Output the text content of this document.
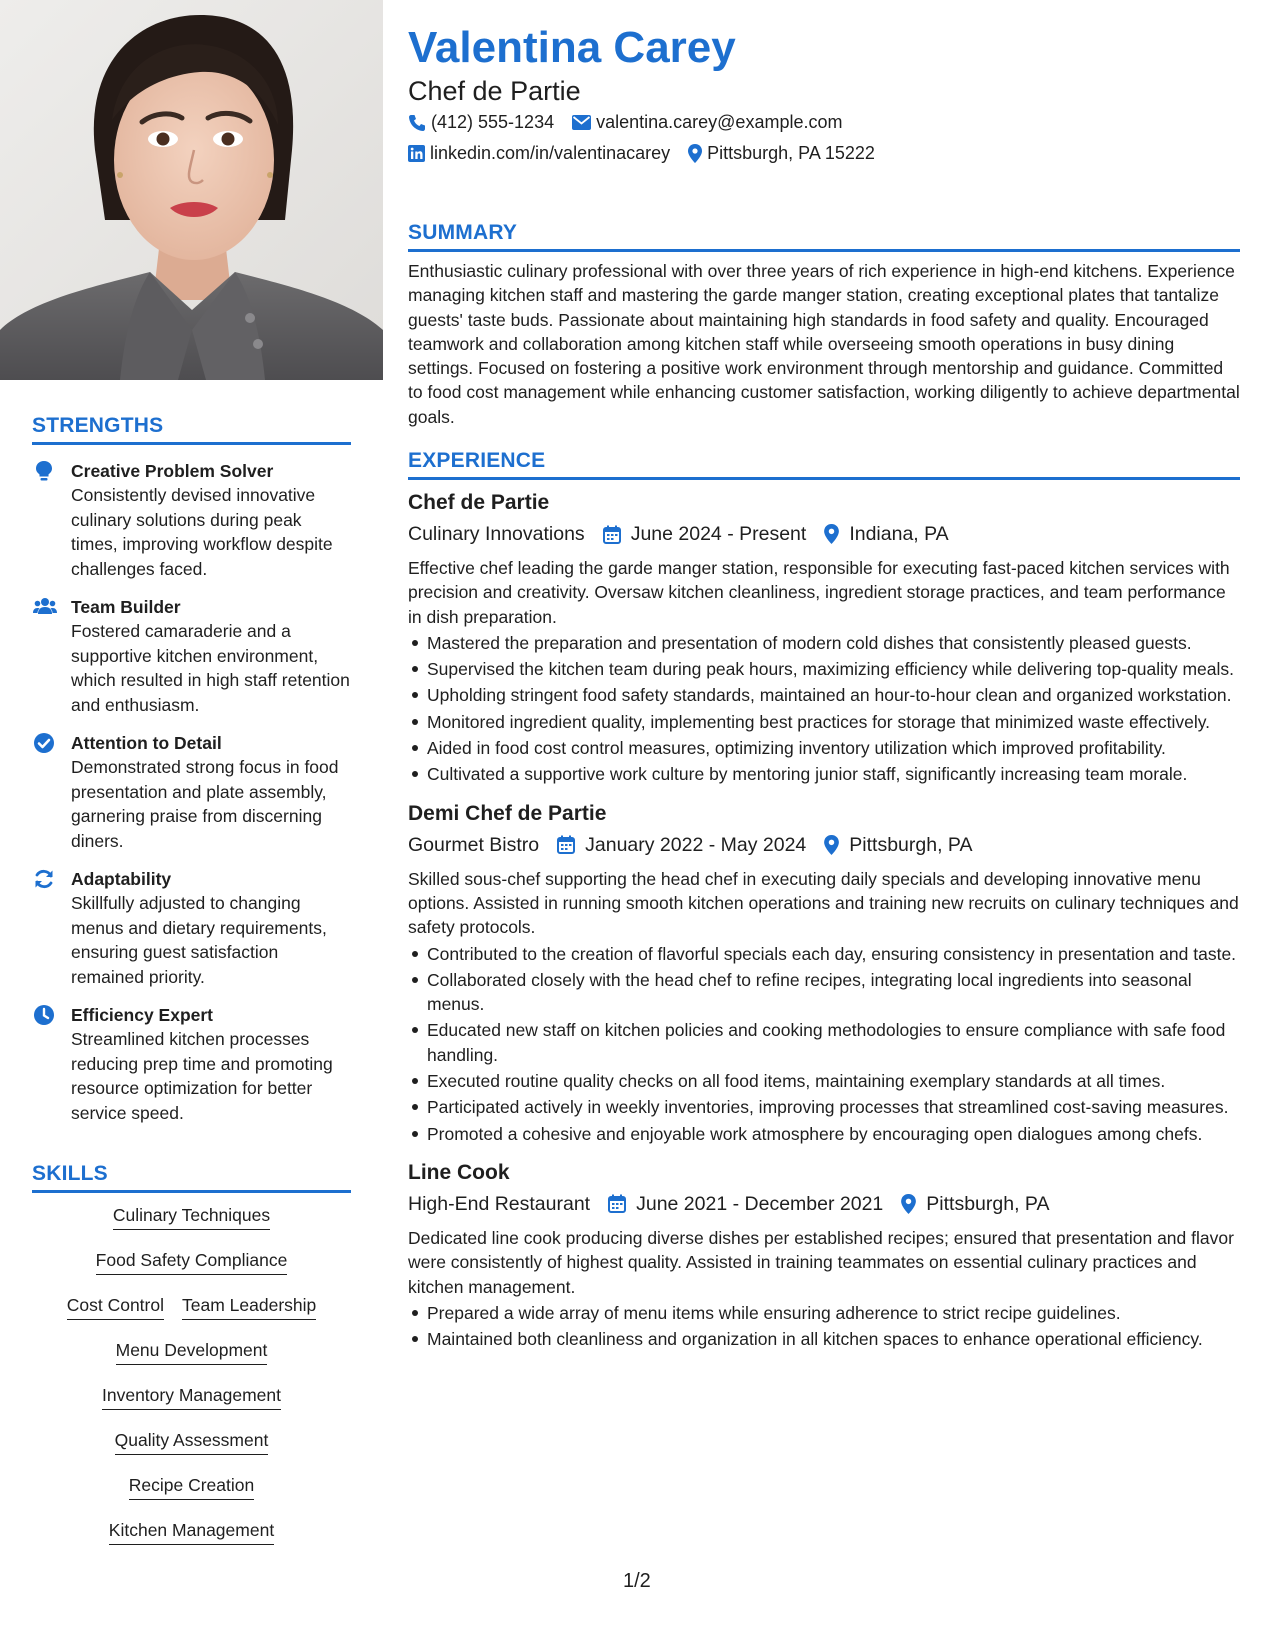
STRENGTHS
Creative Problem Solver
Consistently devised innovative culinary solutions during peak times, improving workflow despite challenges faced.
Team Builder
Fostered camaraderie and a supportive kitchen environment, which resulted in high staff retention and enthusiasm.
Attention to Detail
Demonstrated strong focus in food presentation and plate assembly, garnering praise from discerning diners.
Adaptability
Skillfully adjusted to changing menus and dietary requirements, ensuring guest satisfaction remained priority.
Efficiency Expert
Streamlined kitchen processes reducing prep time and promoting resource optimization for better service speed.
SKILLS
Culinary Techniques
Food Safety Compliance
Cost Control Team Leadership
Menu Development
Inventory Management
Quality Assessment
Recipe Creation
Kitchen Management
Valentina Carey
Chef de Partie
(412) 555-1234 valentina.carey@example.com
linkedin.com/in/valentinacarey Pittsburgh, PA 15222
SUMMARY
Enthusiastic culinary professional with over three years of rich experience in high-end kitchens. Experience managing kitchen staff and mastering the garde manger station, creating exceptional plates that tantalize guests' taste buds. Passionate about maintaining high standards in food safety and quality. Encouraged teamwork and collaboration among kitchen staff while overseeing smooth operations in busy dining settings. Focused on fostering a positive work environment through mentorship and guidance. Committed to food cost management while enhancing customer satisfaction, working diligently to achieve departmental goals.
EXPERIENCE
Chef de Partie
Culinary Innovations June 2024 - Present Indiana, PA
Effective chef leading the garde manger station, responsible for executing fast-paced kitchen services with precision and creativity. Oversaw kitchen cleanliness, ingredient storage practices, and team performance in dish preparation.
Mastered the preparation and presentation of modern cold dishes that consistently pleased guests.
Supervised the kitchen team during peak hours, maximizing efficiency while delivering top-quality meals.
Upholding stringent food safety standards, maintained an hour-to-hour clean and organized workstation.
Monitored ingredient quality, implementing best practices for storage that minimized waste effectively.
Aided in food cost control measures, optimizing inventory utilization which improved profitability.
Cultivated a supportive work culture by mentoring junior staff, significantly increasing team morale.
Demi Chef de Partie
Gourmet Bistro January 2022 - May 2024 Pittsburgh, PA
Skilled sous-chef supporting the head chef in executing daily specials and developing innovative menu options. Assisted in running smooth kitchen operations and training new recruits on culinary techniques and safety protocols.
Contributed to the creation of flavorful specials each day, ensuring consistency in presentation and taste.
Collaborated closely with the head chef to refine recipes, integrating local ingredients into seasonal menus.
Educated new staff on kitchen policies and cooking methodologies to ensure compliance with safe food handling.
Executed routine quality checks on all food items, maintaining exemplary standards at all times.
Participated actively in weekly inventories, improving processes that streamlined cost-saving measures.
Promoted a cohesive and enjoyable work atmosphere by encouraging open dialogues among chefs.
Line Cook
High-End Restaurant June 2021 - December 2021 Pittsburgh, PA
Dedicated line cook producing diverse dishes per established recipes; ensured that presentation and flavor were consistently of highest quality. Assisted in training teammates on essential culinary practices and kitchen management.
Prepared a wide array of menu items while ensuring adherence to strict recipe guidelines.
Maintained both cleanliness and organization in all kitchen spaces to enhance operational efficiency.
1/2
